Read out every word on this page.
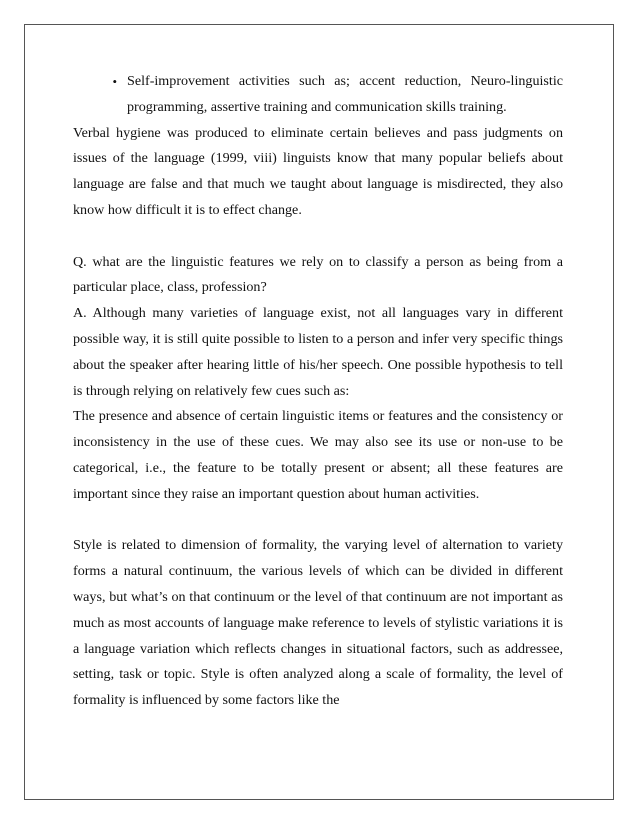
• Self-improvement activities such as; accent reduction, Neuro-linguistic programming, assertive training and communication skills training.

Verbal hygiene was produced to eliminate certain believes and pass judgments on issues of the language (1999, viii) linguists know that many popular beliefs about language are false and that much we taught about language is misdirected, they also know how difficult it is to effect change.

Q. what are the linguistic features we rely on to classify a person as being from a particular place, class, profession?

A. Although many varieties of language exist, not all languages vary in different possible way, it is still quite possible to listen to a person and infer very specific things about the speaker after hearing little of his/her speech. One possible hypothesis to tell is through relying on relatively few cues such as:

The presence and absence of certain linguistic items or features and the consistency or inconsistency in the use of these cues. We may also see its use or non-use to be categorical, i.e., the feature to be totally present or absent; all these features are important since they raise an important question about human activities.

Style is related to dimension of formality, the varying level of alternation to variety forms a natural continuum, the various levels of which can be divided in different ways, but what’s on that continuum or the level of that continuum are not important as much as most accounts of language make reference to levels of stylistic variations it is a language variation which reflects changes in situational factors, such as addressee, setting, task or topic. Style is often analyzed along a scale of formality, the level of formality is influenced by some factors like the
